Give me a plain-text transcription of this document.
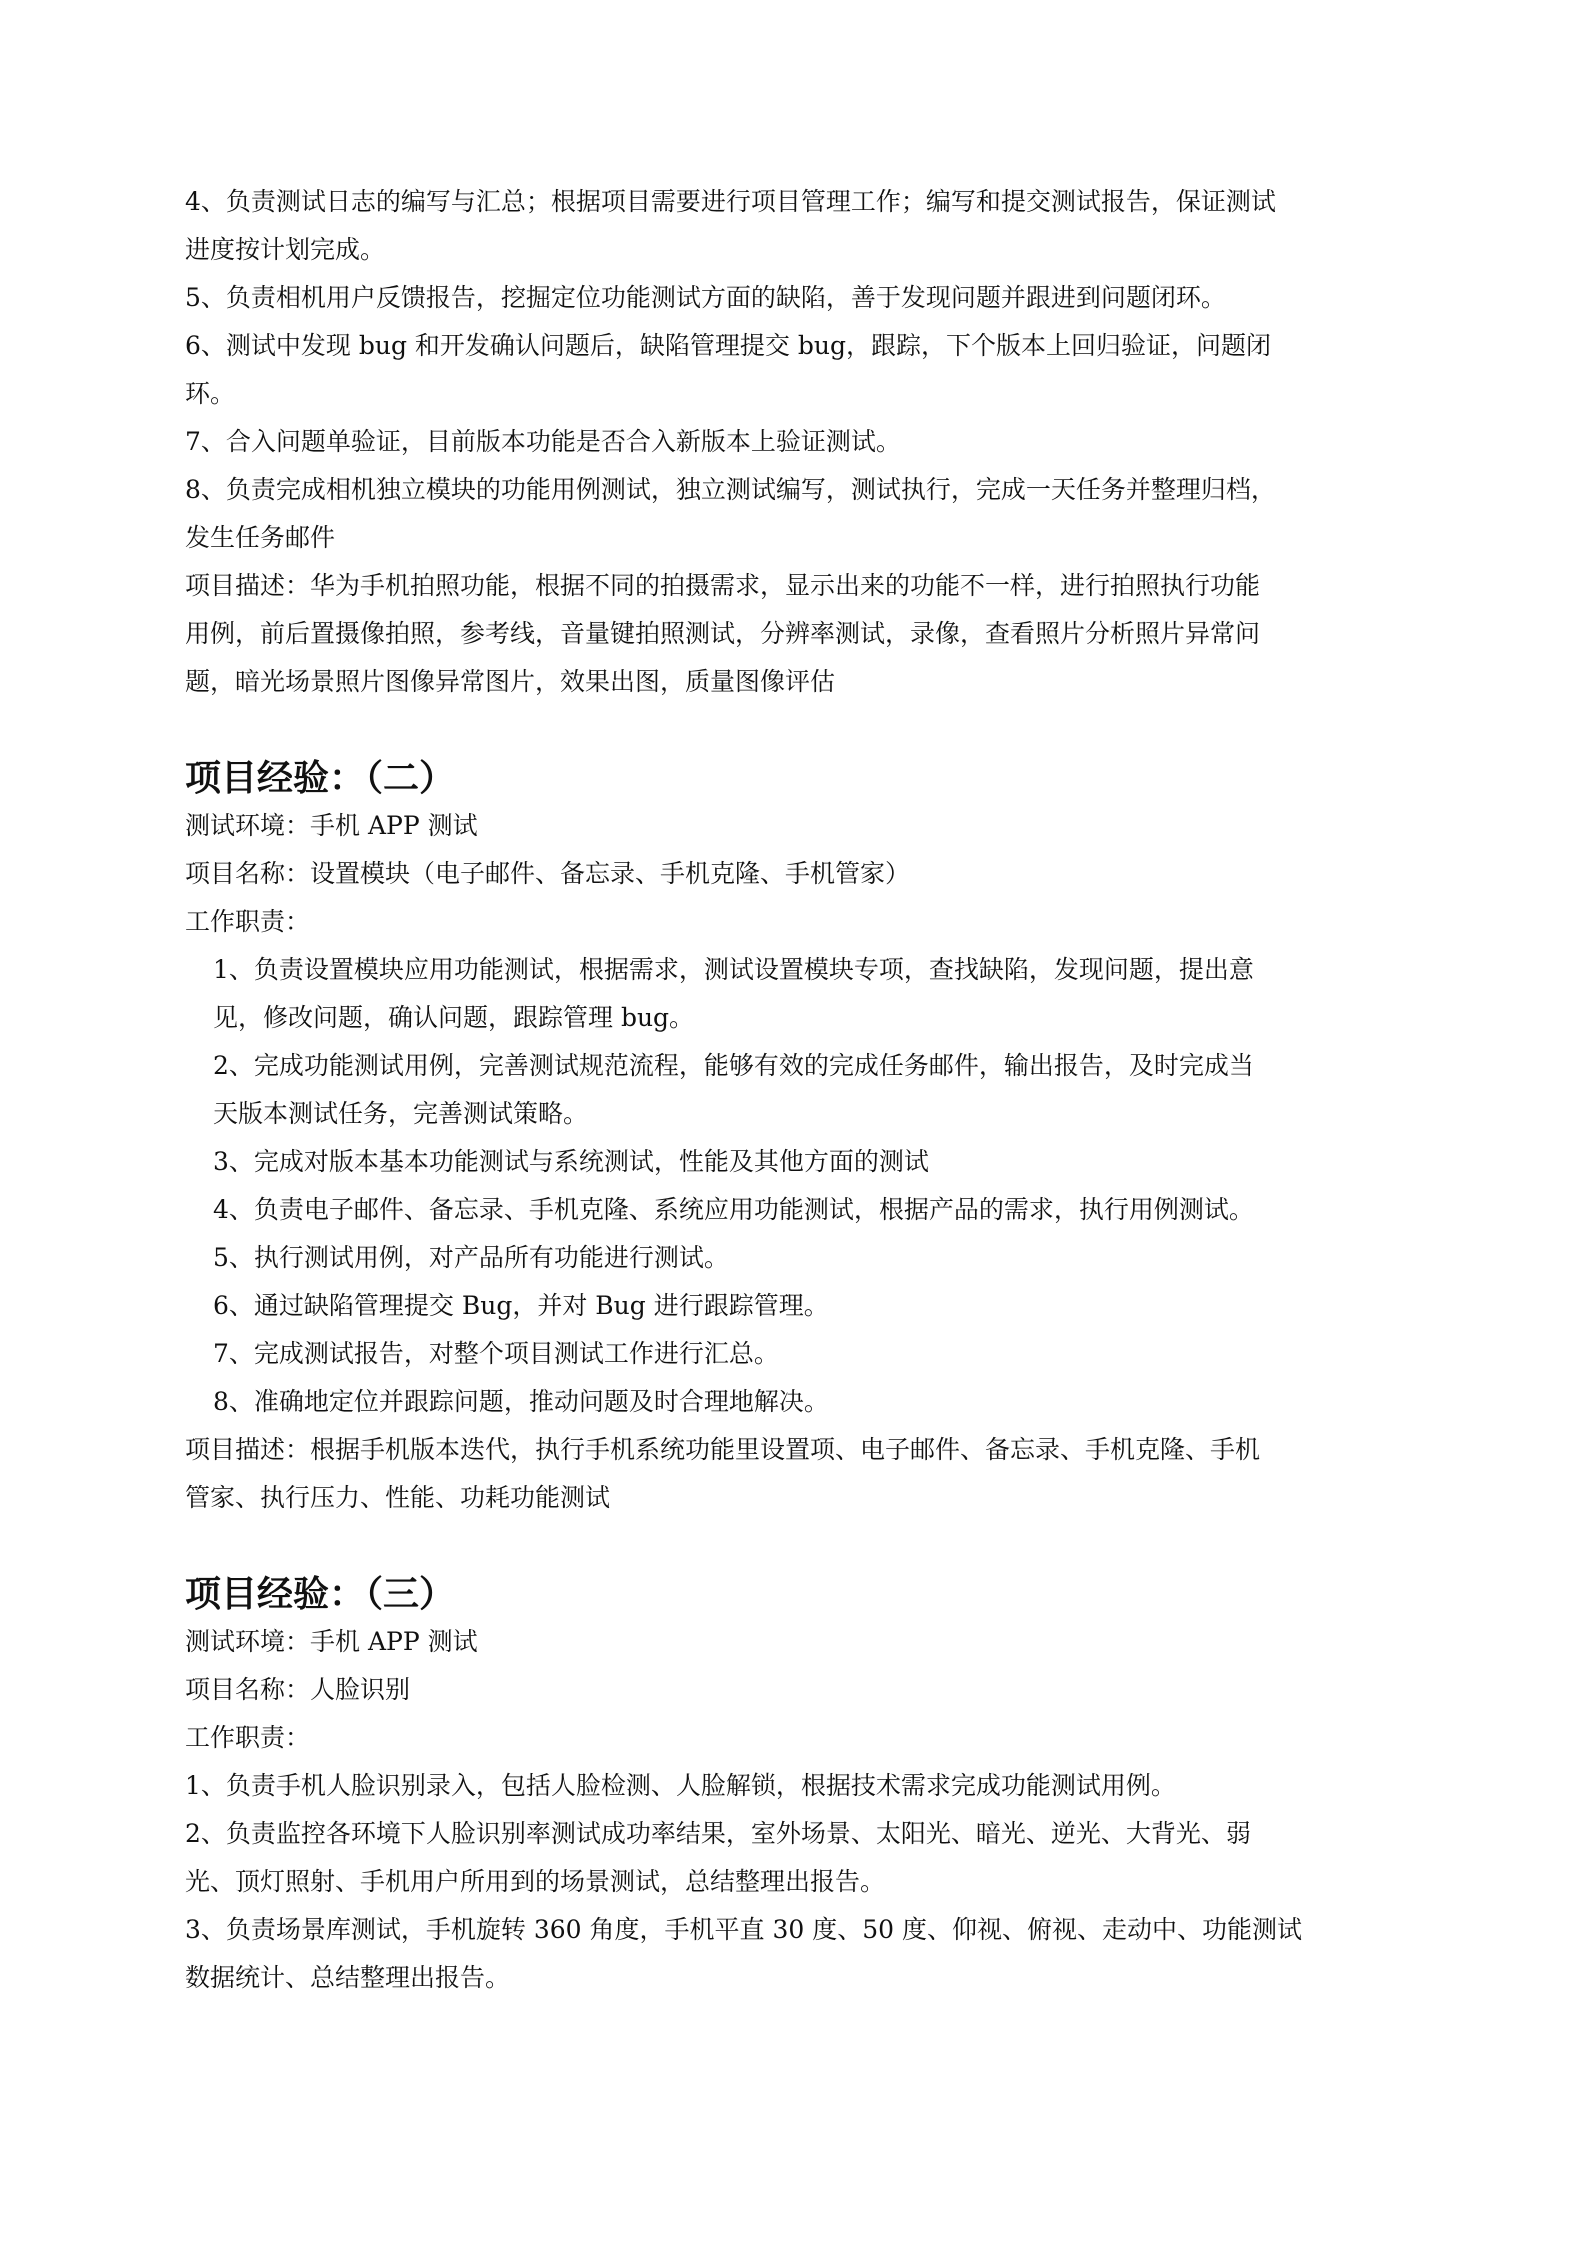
4、负责测试日志的编写与汇总；根据项目需要进行项目管理工作；编写和提交测试报告，保证测试

进度按计划完成。

5、负责相机用户反馈报告，挖掘定位功能测试方面的缺陷，善于发现问题并跟进到问题闭环。

6、测试中发现 bug 和开发确认问题后，缺陷管理提交 bug，跟踪，下个版本上回归验证，问题闭

环。

7、合入问题单验证，目前版本功能是否合入新版本上验证测试。

8、负责完成相机独立模块的功能用例测试，独立测试编写，测试执行，完成一天任务并整理归档，

发生任务邮件

项目描述：华为手机拍照功能，根据不同的拍摄需求，显示出来的功能不一样，进行拍照执行功能

用例，前后置摄像拍照，参考线，音量键拍照测试，分辨率测试，录像，查看照片分析照片异常问

题，暗光场景照片图像异常图片，效果出图，质量图像评估

项目经验：（二）

测试环境：手机 APP 测试

项目名称：设置模块（电子邮件、备忘录、手机克隆、手机管家）

工作职责：

1、负责设置模块应用功能测试，根据需求，测试设置模块专项，查找缺陷，发现问题，提出意

见，修改问题，确认问题，跟踪管理 bug。

2、完成功能测试用例，完善测试规范流程，能够有效的完成任务邮件，输出报告，及时完成当

天版本测试任务，完善测试策略。

3、完成对版本基本功能测试与系统测试，性能及其他方面的测试

4、负责电子邮件、备忘录、手机克隆、系统应用功能测试，根据产品的需求，执行用例测试。

5、执行测试用例，对产品所有功能进行测试。

6、通过缺陷管理提交 Bug，并对 Bug 进行跟踪管理。

7、完成测试报告，对整个项目测试工作进行汇总。

8、准确地定位并跟踪问题，推动问题及时合理地解决。

项目描述：根据手机版本迭代，执行手机系统功能里设置项、电子邮件、备忘录、手机克隆、手机

管家、执行压力、性能、功耗功能测试

项目经验：（三）

测试环境：手机 APP 测试

项目名称：人脸识别

工作职责：

1、负责手机人脸识别录入，包括人脸检测、人脸解锁，根据技术需求完成功能测试用例。

2、负责监控各环境下人脸识别率测试成功率结果，室外场景、太阳光、暗光、逆光、大背光、弱

光、顶灯照射、手机用户所用到的场景测试，总结整理出报告。

3、负责场景库测试，手机旋转 360 角度，手机平直 30 度、50 度、仰视、俯视、走动中、功能测试

数据统计、总结整理出报告。
